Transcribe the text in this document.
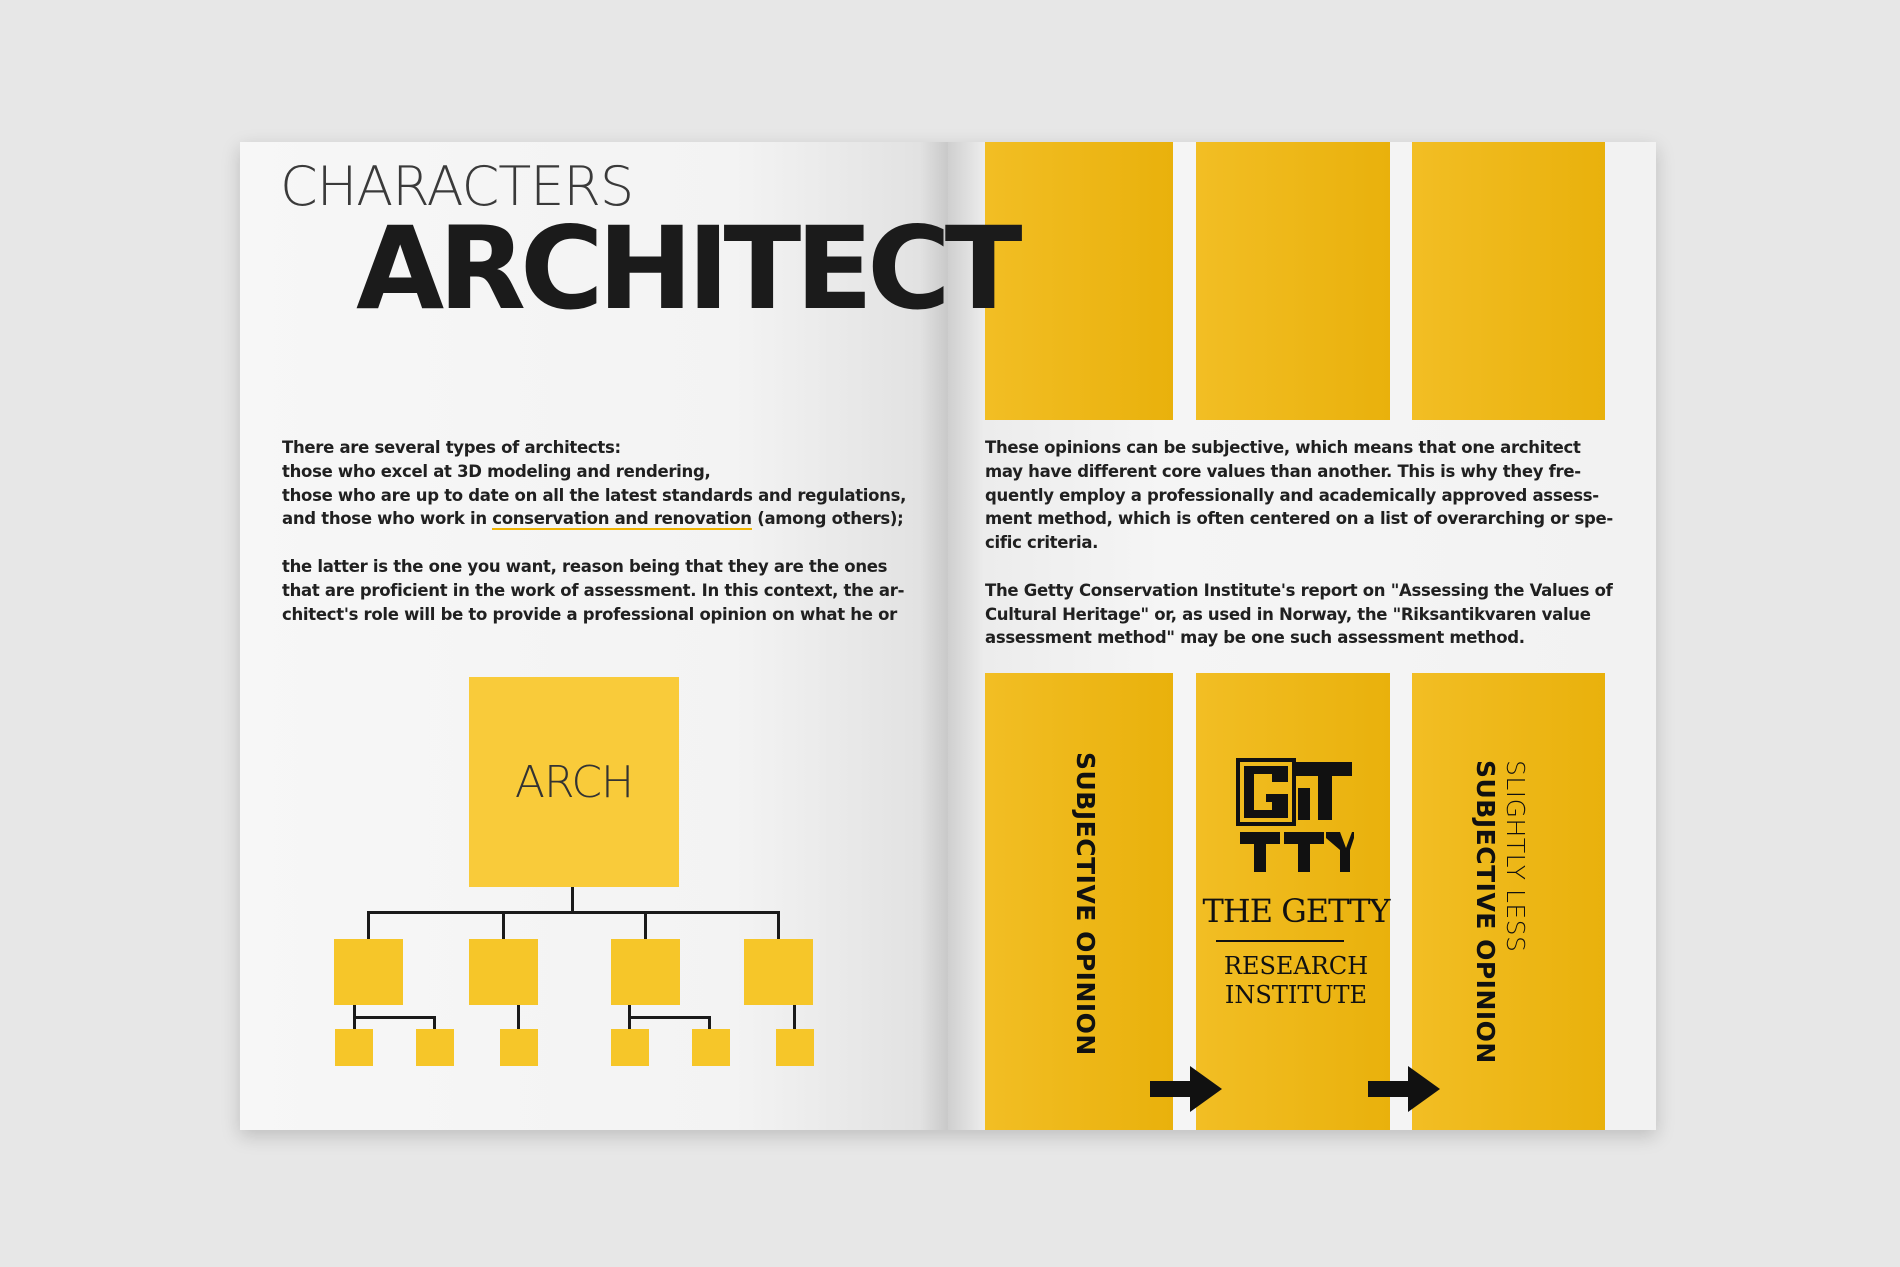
CHARACTERS
ARCHITECT

There are several types of architects:
those who excel at 3D modeling and rendering,
those who are up to date on all the latest standards and regulations,
and those who work in conservation and renovation (among others);

the latter is the one you want, reason being that they are the ones
that are proficient in the work of assessment. In this context, the ar-
chitect's role will be to provide a professional opinion on what he or

These opinions can be subjective, which means that one architect
may have different core values than another. This is why they fre-
quently employ a professionally and academically approved assess-
ment method, which is often centered on a list of overarching or spe-
cific criteria.

The Getty Conservation Institute's report on "Assessing the Values of
Cultural Heritage" or, as used in Norway, the "Riksantikvaren value
assessment method" may be one such assessment method.

ARCH	SUBJECTIVE OPINION	SLIGHTLY LESS
SUBJECTIVE OPINION

THE GETTY

RESEARCH
INSTITUTE
